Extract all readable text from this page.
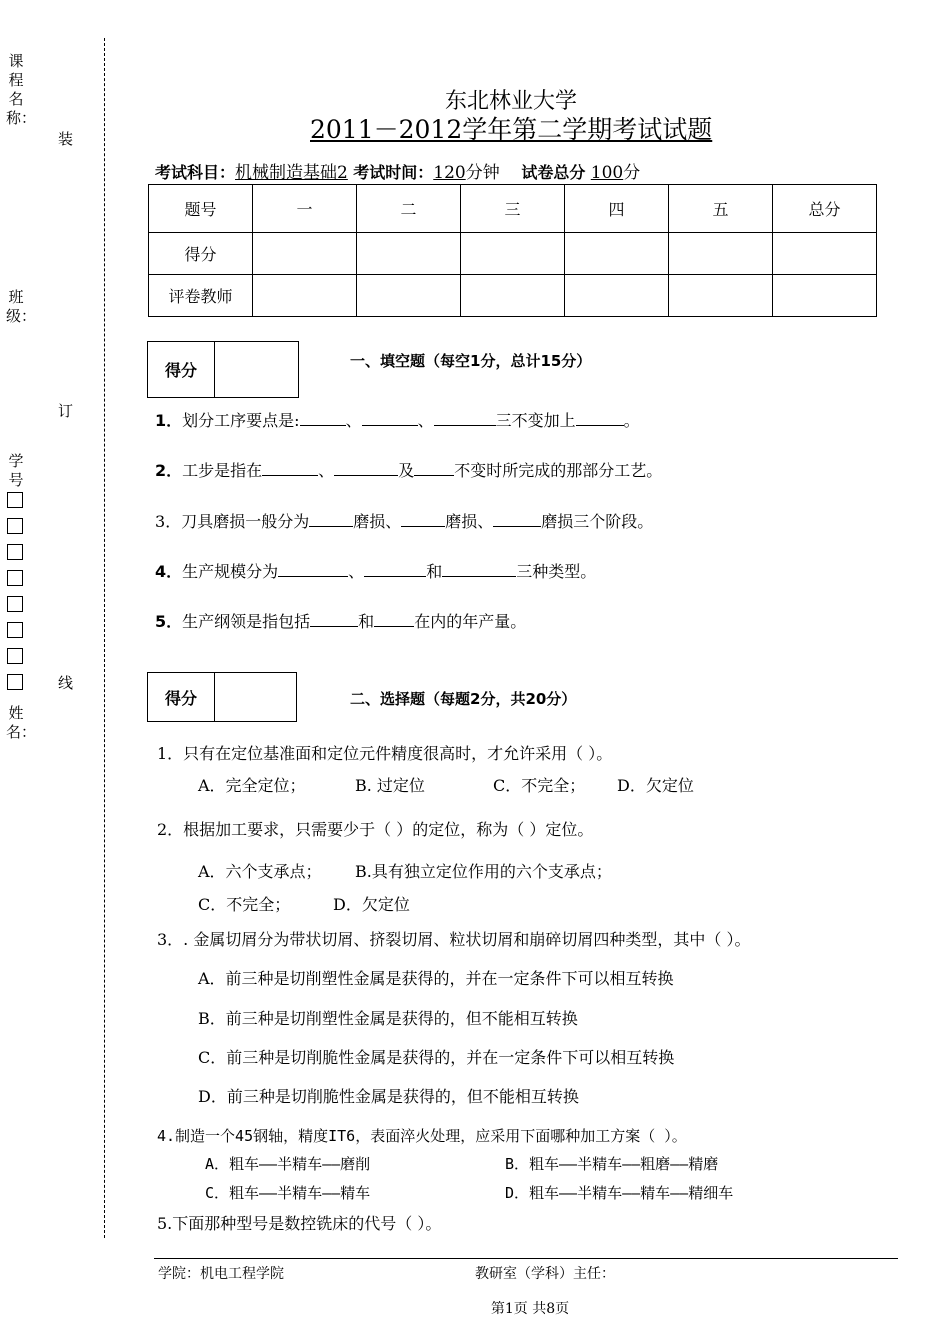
课程名称：
装
班级：
订
学号
线
姓名：
东北林业大学
2011－2012学年第二学期考试试题
考试科目：机械制造基础2 考试时间：120分钟 试卷总分 100分
题号	一	二	三	四	五	总分
得分						
评卷教师						
得分	一、填空题（每空1分，总计15分）
1．划分工序要点是:	、	、	三不变加上	。
2．工步是指在	、	及	不变时所完成的那部分工艺。
3．刀具磨损一般分为	磨损、	磨损、	磨损三个阶段。
4．生产规模分为	、	和	三种类型。
5．生产纲领是指包括	和	在内的年产量。
得分	二、选择题（每题2分，共20分）
1．只有在定位基准面和定位元件精度很高时，才允许采用（ ）。
A．完全定位；	B. 过定位	C．不完全； D．欠定位
2．根据加工要求，只需要少于（ ）的定位，称为（ ）定位。
A．六个支承点； B.具有独立定位作用的六个支承点；
C．不完全；	D．欠定位
3．. 金属切屑分为带状切屑、挤裂切屑、粒状切屑和崩碎切屑四种类型，其中（ ）。
A．前三种是切削塑性金属是获得的，并在一定条件下可以相互转换
B．前三种是切削塑性金属是获得的，但不能相互转换
C．前三种是切削脆性金属是获得的，并在一定条件下可以相互转换
D．前三种是切削脆性金属是获得的，但不能相互转换
4.制造一个45钢轴，精度IT6，表面淬火处理，应采用下面哪种加工方案（ ）。
A．粗车——半精车——磨削	B．粗车——半精车——粗磨——精磨
C．粗车——半精车——精车	D．粗车——半精车——精车——精细车
5.下面那种型号是数控铣床的代号（ ）。
学院：机电工程学院	教研室（学科）主任：
第1页 共8页
